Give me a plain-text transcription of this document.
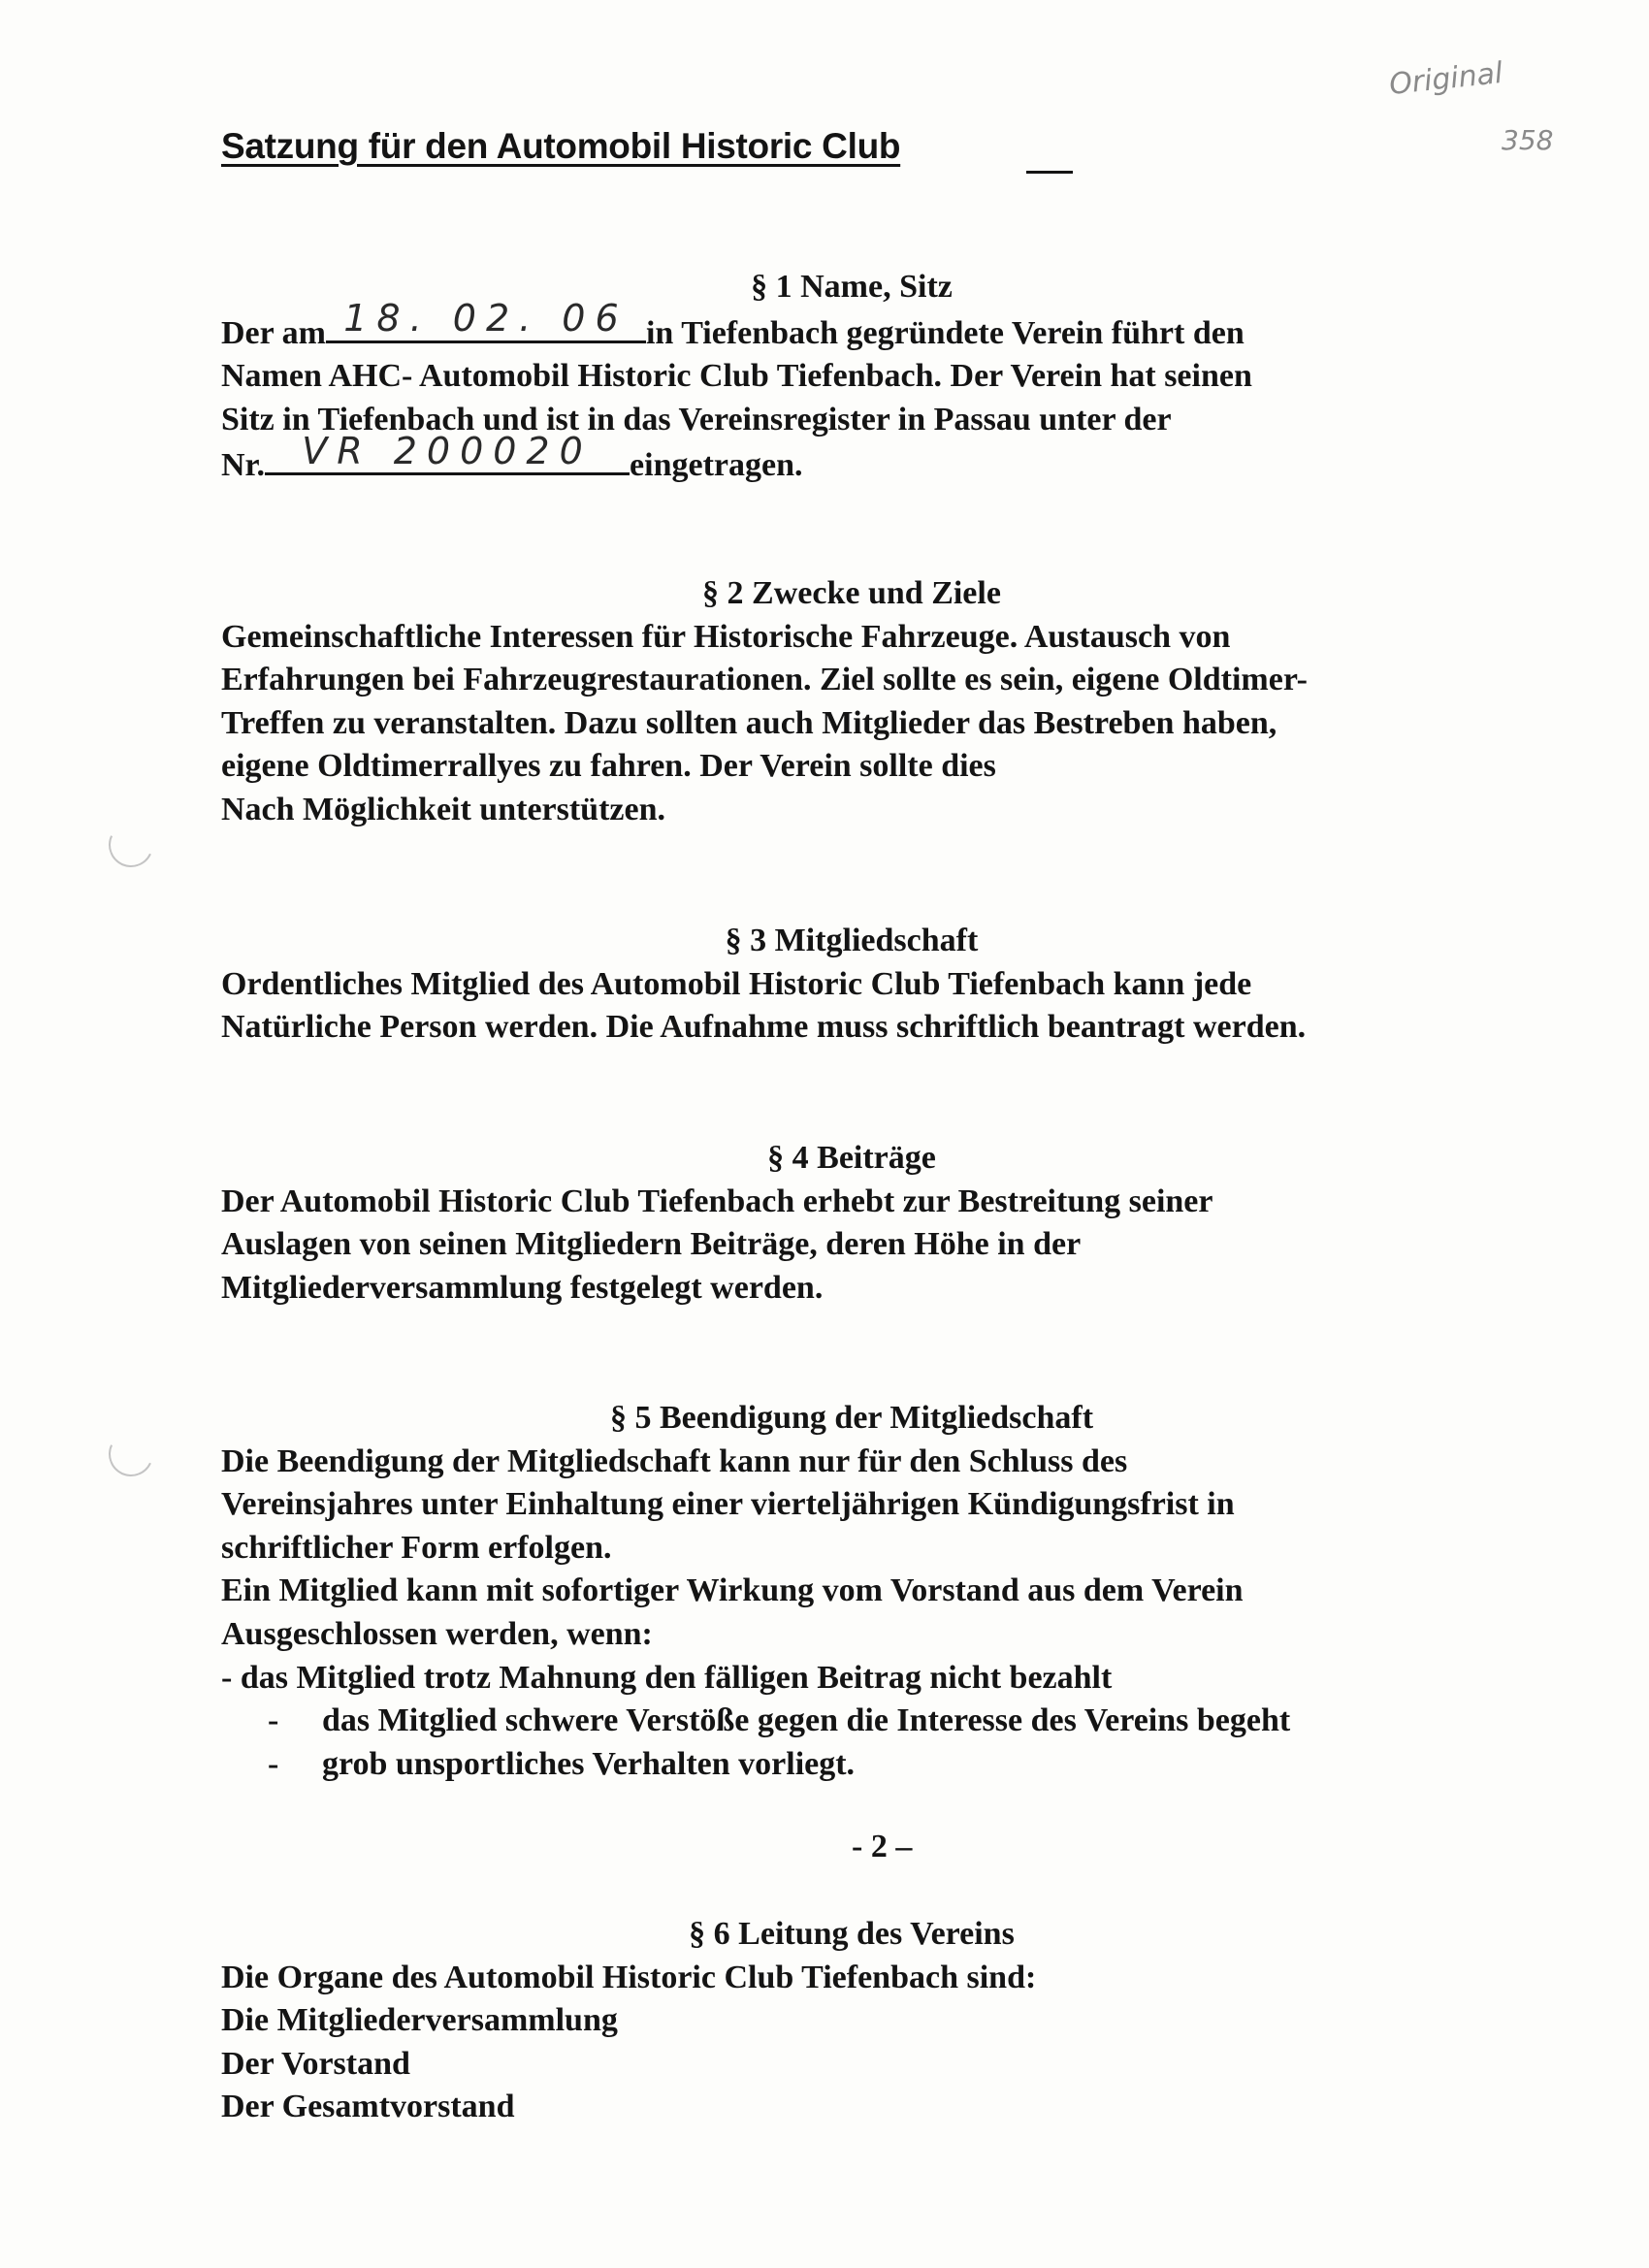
Original
358
Satzung für den Automobil Historic Club
§ 1 Name, Sitz
Der am 18. 02. 06 in Tiefenbach gegründete Verein führt den
Namen AHC- Automobil Historic Club Tiefenbach. Der Verein hat seinen
Sitz in Tiefenbach und ist in das Vereinsregister in Passau unter der
Nr.	VR 200020	eingetragen.
§ 2 Zwecke und Ziele
Gemeinschaftliche Interessen für Historische Fahrzeuge. Austausch von
Erfahrungen bei Fahrzeugrestaurationen. Ziel sollte es sein, eigene Oldtimer-
Treffen zu veranstalten. Dazu sollten auch Mitglieder das Bestreben haben,
eigene Oldtimerrallyes zu fahren. Der Verein sollte dies
Nach Möglichkeit unterstützen.
§ 3 Mitgliedschaft
Ordentliches Mitglied des Automobil Historic Club Tiefenbach kann jede
Natürliche Person werden. Die Aufnahme muss schriftlich beantragt werden.
§ 4 Beiträge
Der Automobil Historic Club Tiefenbach erhebt zur Bestreitung seiner
Auslagen von seinen Mitgliedern Beiträge, deren Höhe in der
Mitgliederversammlung festgelegt werden.
§ 5 Beendigung der Mitgliedschaft
Die Beendigung der Mitgliedschaft kann nur für den Schluss des
Vereinsjahres unter Einhaltung einer vierteljährigen Kündigungsfrist in
schriftlicher Form erfolgen.
Ein Mitglied kann mit sofortiger Wirkung vom Vorstand aus dem Verein
Ausgeschlossen werden, wenn:
- das Mitglied trotz Mahnung den fälligen Beitrag nicht bezahlt
- das Mitglied schwere Verstöße gegen die Interesse des Vereins begeht
- grob unsportliches Verhalten vorliegt.
- 2 –
§ 6 Leitung des Vereins
Die Organe des Automobil Historic Club Tiefenbach sind:
Die Mitgliederversammlung
Der Vorstand
Der Gesamtvorstand
